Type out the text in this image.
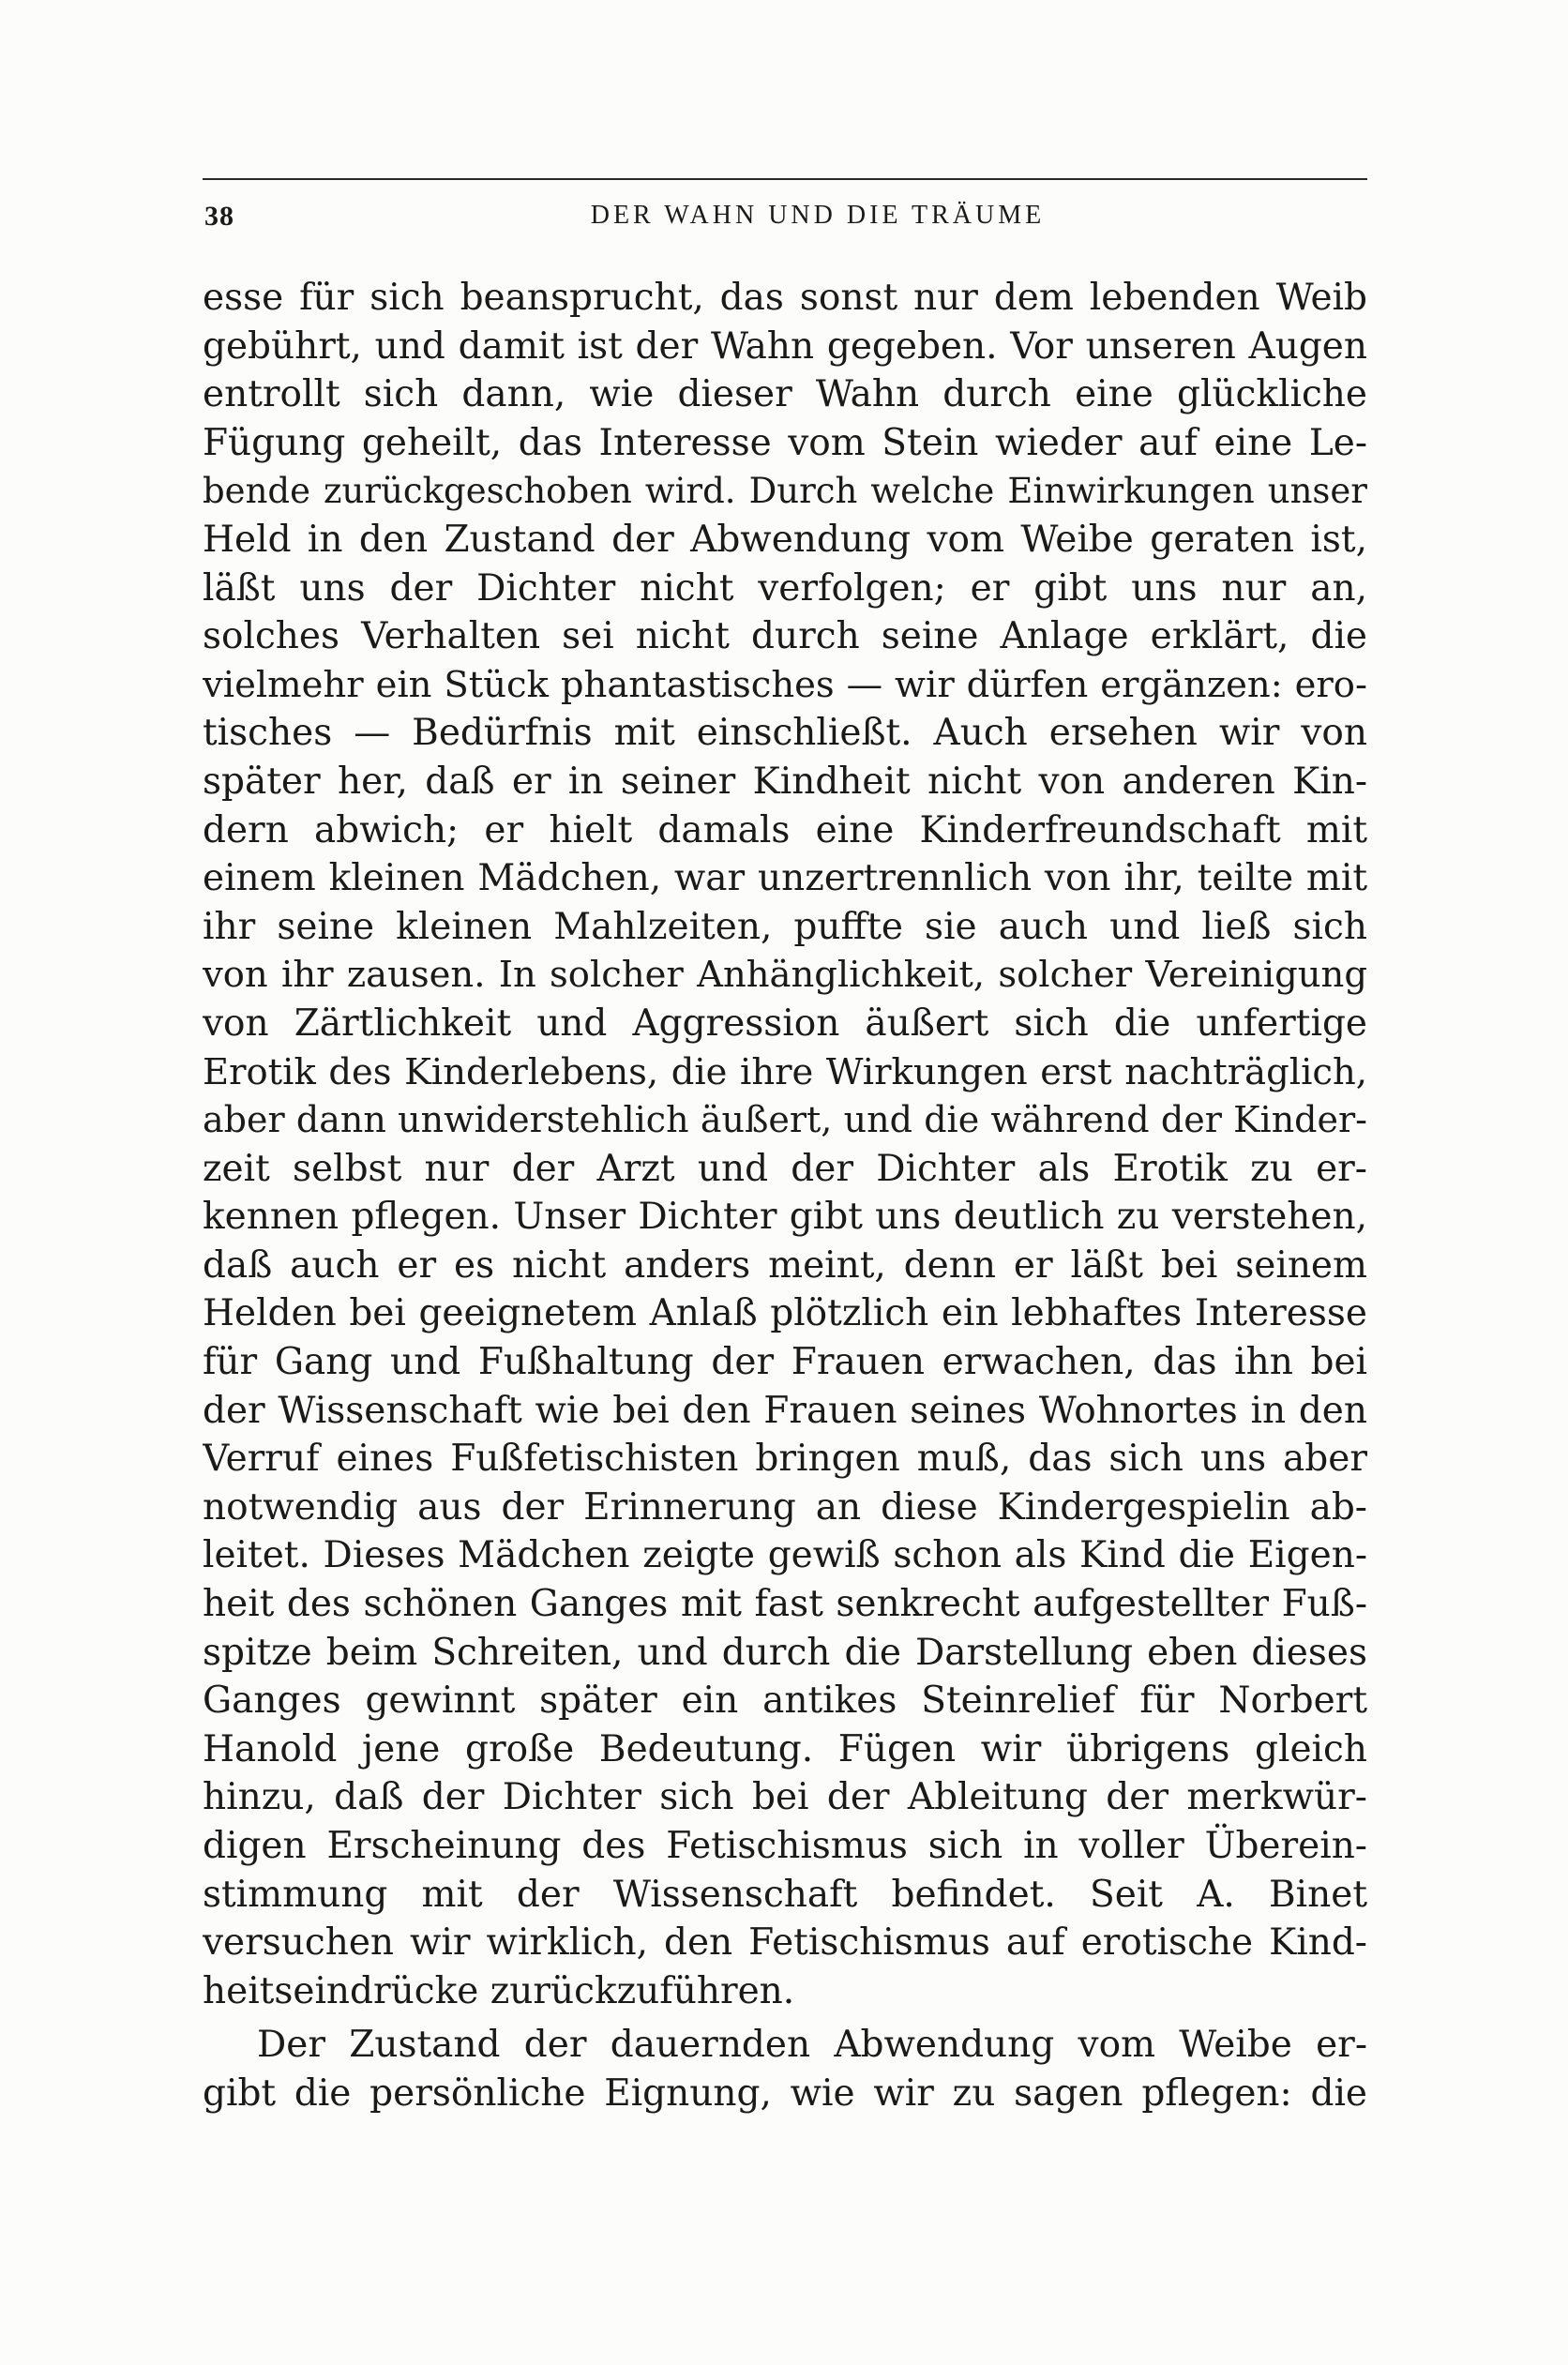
38	DER WAHN UND DIE TRÄUME
esse für sich beansprucht, das sonst nur dem lebenden Weib
gebührt, und damit ist der Wahn gegeben. Vor unseren Augen
entrollt sich dann, wie dieser Wahn durch eine glückliche
Fügung geheilt, das Interesse vom Stein wieder auf eine Le-
bende zurückgeschoben wird. Durch welche Einwirkungen unser
Held in den Zustand der Abwendung vom Weibe geraten ist,
läßt uns der Dichter nicht verfolgen; er gibt uns nur an,
solches Verhalten sei nicht durch seine Anlage erklärt, die
vielmehr ein Stück phantastisches — wir dürfen ergänzen: ero-
tisches — Bedürfnis mit einschließt. Auch ersehen wir von
später her, daß er in seiner Kindheit nicht von anderen Kin-
dern abwich; er hielt damals eine Kinderfreundschaft mit
einem kleinen Mädchen, war unzertrennlich von ihr, teilte mit
ihr seine kleinen Mahlzeiten, puffte sie auch und ließ sich
von ihr zausen. In solcher Anhänglichkeit, solcher Vereinigung
von Zärtlichkeit und Aggression äußert sich die unfertige
Erotik des Kinderlebens, die ihre Wirkungen erst nachträglich,
aber dann unwiderstehlich äußert, und die während der Kinder-
zeit selbst nur der Arzt und der Dichter als Erotik zu er-
kennen pflegen. Unser Dichter gibt uns deutlich zu verstehen,
daß auch er es nicht anders meint, denn er läßt bei seinem
Helden bei geeignetem Anlaß plötzlich ein lebhaftes Interesse
für Gang und Fußhaltung der Frauen erwachen, das ihn bei
der Wissenschaft wie bei den Frauen seines Wohnortes in den
Verruf eines Fußfetischisten bringen muß, das sich uns aber
notwendig aus der Erinnerung an diese Kindergespielin ab-
leitet. Dieses Mädchen zeigte gewiß schon als Kind die Eigen-
heit des schönen Ganges mit fast senkrecht aufgestellter Fuß-
spitze beim Schreiten, und durch die Darstellung eben dieses
Ganges gewinnt später ein antikes Steinrelief für Norbert
Hanold jene große Bedeutung. Fügen wir übrigens gleich
hinzu, daß der Dichter sich bei der Ableitung der merkwür-
digen Erscheinung des Fetischismus sich in voller Überein-
stimmung mit der Wissenschaft befindet. Seit A. Binet
versuchen wir wirklich, den Fetischismus auf erotische Kind-
heitseindrücke zurückzuführen.
Der Zustand der dauernden Abwendung vom Weibe er-
gibt die persönliche Eignung, wie wir zu sagen pflegen: die
